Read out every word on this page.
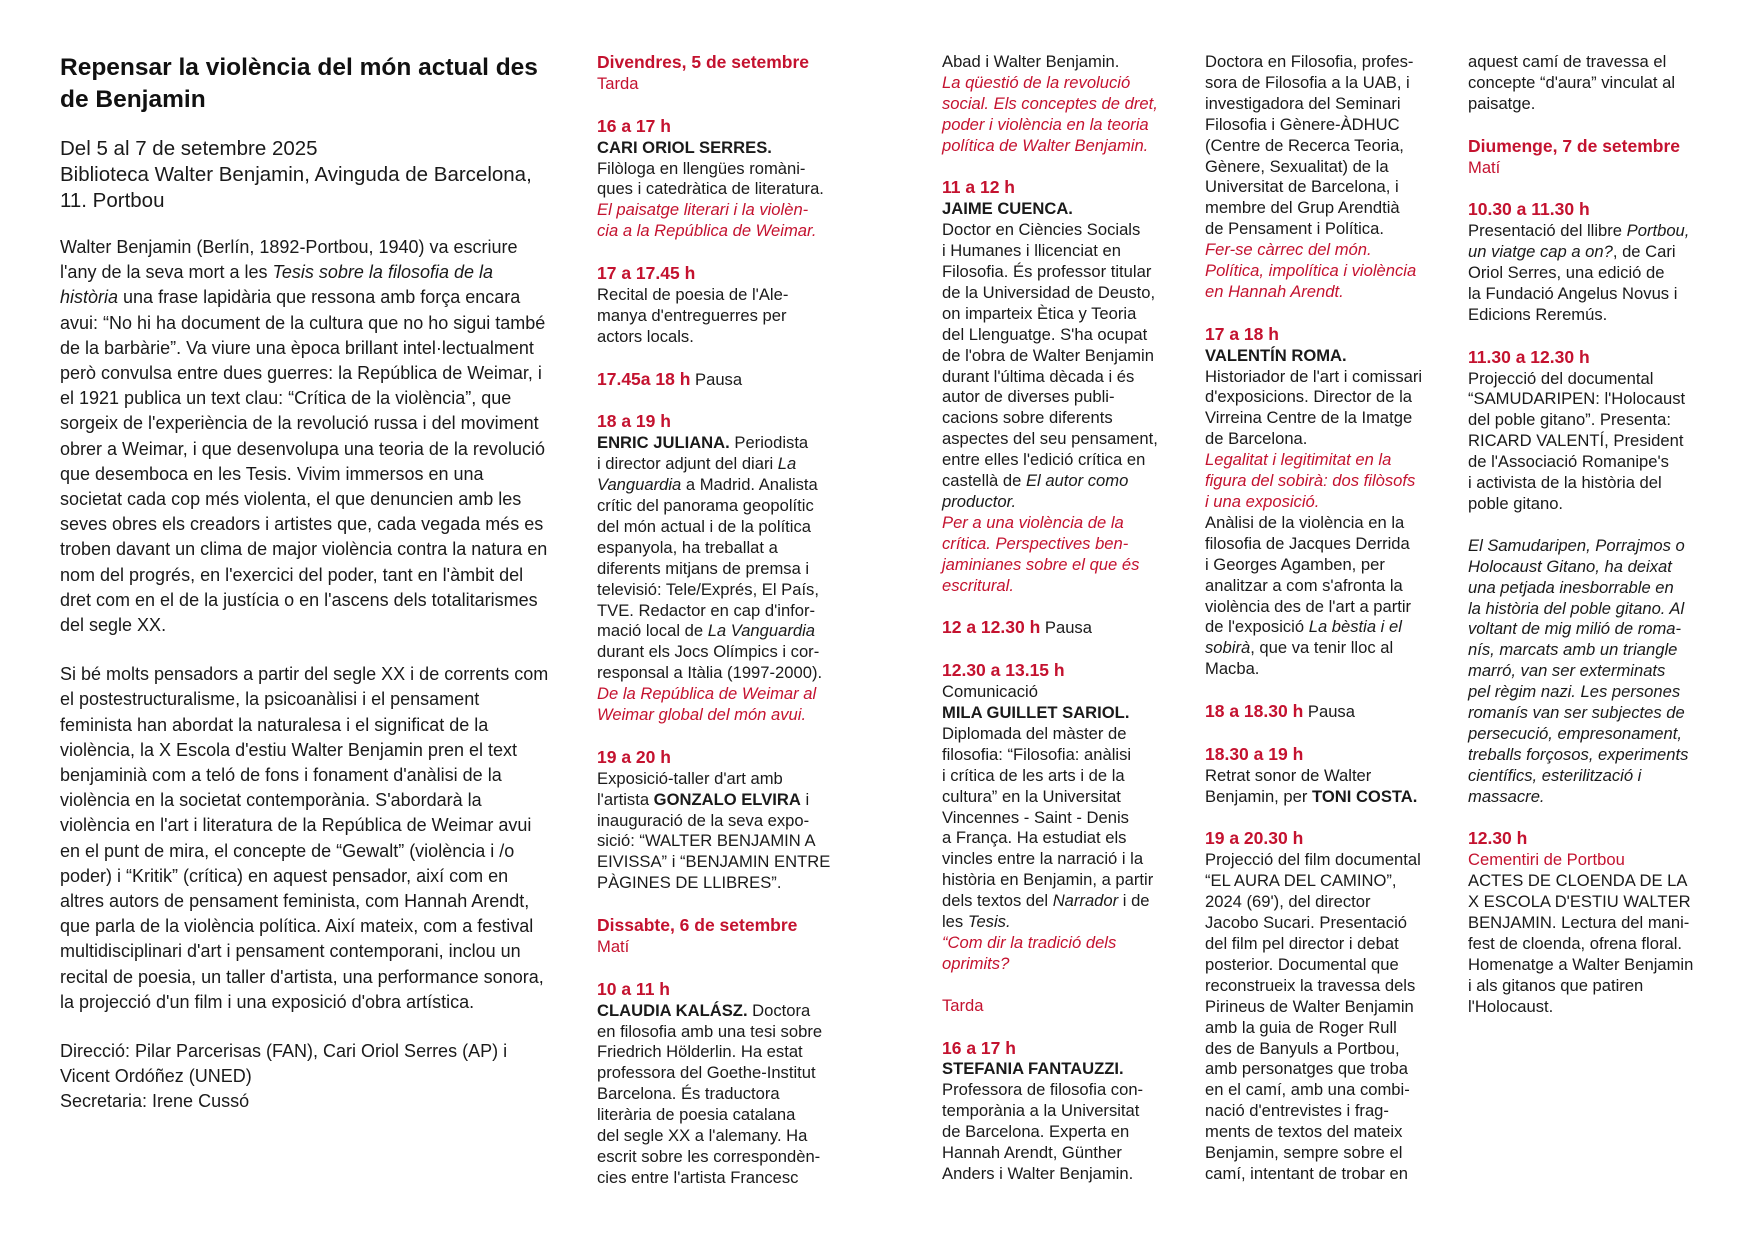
Repensar la violència del món actual des de Benjamin
Del 5 al 7 de setembre 2025
Biblioteca Walter Benjamin, Avinguda de Barcelona, 11. Portbou

Walter Benjamin (Berlín, 1892-Portbou, 1940) va escriure l'any de la seva mort a les Tesis sobre la filosofia de la història una frase lapidària que ressona amb força encara avui: “No hi ha document de la cultura que no ho sigui també de la barbàrie”. Va viure una època brillant intel·lectualment però convulsa entre dues guerres: la República de Weimar, i el 1921 publica un text clau: “Crítica de la violència”, que sorgeix de l'experiència de la revolució russa i del moviment obrer a Weimar, i que desenvolupa una teoria de la revolució que desemboca en les Tesis. Vivim immersos en una societat cada cop més violenta, el que denuncien amb les seves obres els creadors i artistes que, cada vegada més es troben davant un clima de major violència contra la natura en nom del progrés, en l'exercici del poder, tant en l'àmbit del dret com en el de la justícia o en l'ascens dels totalitarismes del segle XX.

Si bé molts pensadors a partir del segle XX i de corrents com el postestructuralisme, la psicoanàlisi i el pensament feminista han abordat la naturalesa i el significat de la violència, la X Escola d'estiu Walter Benjamin pren el text benjaminià com a teló de fons i fonament d'anàlisi de la violència en la societat contemporània. S'abordarà la violència en l'art i literatura de la República de Weimar avui en el punt de mira, el concepte de “Gewalt” (violència i /o poder) i “Kritik” (crítica) en aquest pensador, així com en altres autors de pensament feminista, com Hannah Arendt, que parla de la violència política. Així mateix, com a festival multidisciplinari d'art i pensament contemporani, inclou un recital de poesia, un taller d'artista, una performance sonora, la projecció d'un film i una exposició d'obra artística.

Direcció: Pilar Parcerisas (FAN), Cari Oriol Serres (AP) i Vicent Ordóñez (UNED)
Secretaria: Irene Cussó
Divendres, 5 de setembre
Tarda
16 a 17 h
CARI ORIOL SERRES.
Filòloga en llengües romàni-
ques i catedràtica de literatura.
El paisatge literari i la violèn-
cia a la República de Weimar.
17 a 17.45 h
Recital de poesia de l'Ale-
manya d'entreguerres per
actors locals.
17.45a 18 h Pausa
18 a 19 h
ENRIC JULIANA. Periodista
i director adjunt del diari La
Vanguardia a Madrid. Analista
crític del panorama geopolític
del món actual i de la política
espanyola, ha treballat a
diferents mitjans de premsa i
televisió: Tele/Exprés, El País,
TVE. Redactor en cap d'infor-
mació local de La Vanguardia
durant els Jocs Olímpics i cor-
responsal a Itàlia (1997-2000).
De la República de Weimar al
Weimar global del món avui.
19 a 20 h
Exposició-taller d'art amb
l'artista GONZALO ELVIRA i
inauguració de la seva expo-
sició: “WALTER BENJAMIN A
EIVISSA” i “BENJAMIN ENTRE
PÀGINES DE LLIBRES”.
Dissabte, 6 de setembre
Matí
10 a 11 h
CLAUDIA KALÁSZ. Doctora
en filosofia amb una tesi sobre
Friedrich Hölderlin. Ha estat
professora del Goethe-Institut
Barcelona. És traductora
literària de poesia catalana
del segle XX a l'alemany. Ha
escrit sobre les correspondèn-
cies entre l'artista Francesc
Abad i Walter Benjamin.
La qüestió de la revolució
social. Els conceptes de dret,
poder i violència en la teoria
política de Walter Benjamin.
11 a 12 h
JAIME CUENCA.
Doctor en Ciències Socials
i Humanes i llicenciat en
Filosofia. És professor titular
de la Universidad de Deusto,
on imparteix Ètica y Teoria
del Llenguatge. S'ha ocupat
de l'obra de Walter Benjamin
durant l'última dècada i és
autor de diverses publi-
cacions sobre diferents
aspectes del seu pensament,
entre elles l'edició crítica en
castellà de El autor como
productor.
Per a una violència de la
crítica. Perspectives ben-
jaminianes sobre el que és
escritural.
12 a 12.30 h Pausa
12.30 a 13.15 h
Comunicació
MILA GUILLET SARIOL.
Diplomada del màster de
filosofia: “Filosofia: anàlisi
i crítica de les arts i de la
cultura” en la Universitat
Vincennes - Saint - Denis
a França. Ha estudiat els
vincles entre la narració i la
història en Benjamin, a partir
dels textos del Narrador i de
les Tesis.
“Com dir la tradició dels
oprimits?
Tarda
16 a 17 h
STEFANIA FANTAUZZI.
Professora de filosofia con-
temporània a la Universitat
de Barcelona. Experta en
Hannah Arendt, Günther
Anders i Walter Benjamin.
Doctora en Filosofia, profes-
sora de Filosofia a la UAB, i
investigadora del Seminari
Filosofia i Gènere-ÀDHUC
(Centre de Recerca Teoria,
Gènere, Sexualitat) de la
Universitat de Barcelona, i
membre del Grup Arendtià
de Pensament i Política.
Fer-se càrrec del món.
Política, impolítica i violència
en Hannah Arendt.
17 a 18 h
VALENTÍN ROMA.
Historiador de l'art i comissari
d'exposicions. Director de la
Virreina Centre de la Imatge
de Barcelona.
Legalitat i legitimitat en la
figura del sobirà: dos filòsofs
i una exposició.
Anàlisi de la violència en la
filosofia de Jacques Derrida
i Georges Agamben, per
analitzar a com s'afronta la
violència des de l'art a partir
de l'exposició La bèstia i el
sobirà, que va tenir lloc al
Macba.
18 a 18.30 h Pausa
18.30 a 19 h
Retrat sonor de Walter
Benjamin, per TONI COSTA.
19 a 20.30 h
Projecció del film documental
“EL AURA DEL CAMINO”,
2024 (69'), del director
Jacobo Sucari. Presentació
del film pel director i debat
posterior. Documental que
reconstrueix la travessa dels
Pirineus de Walter Benjamin
amb la guia de Roger Rull
des de Banyuls a Portbou,
amb personatges que troba
en el camí, amb una combi-
nació d'entrevistes i frag-
ments de textos del mateix
Benjamin, sempre sobre el
camí, intentant de trobar en
aquest camí de travessa el
concepte “d'aura” vinculat al
paisatge.
Diumenge, 7 de setembre
Matí
10.30 a 11.30 h
Presentació del llibre Portbou,
un viatge cap a on?, de Cari
Oriol Serres, una edició de
la Fundació Angelus Novus i
Edicions Reremús.
11.30 a 12.30 h
Projecció del documental
“SAMUDARIPEN: l'Holocaust
del poble gitano”. Presenta:
RICARD VALENTÍ, President
de l'Associació Romanipe's
i activista de la història del
poble gitano.
El Samudaripen, Porrajmos o
Holocaust Gitano, ha deixat
una petjada inesborrable en
la història del poble gitano. Al
voltant de mig milió de roma-
nís, marcats amb un triangle
marró, van ser exterminats
pel règim nazi. Les persones
romanís van ser subjectes de
persecució, empresonament,
treballs forçosos, experiments
científics, esterilització i
massacre.
12.30 h
Cementiri de Portbou
ACTES DE CLOENDA DE LA
X ESCOLA D'ESTIU WALTER
BENJAMIN. Lectura del mani-
fest de cloenda, ofrena floral.
Homenatge a Walter Benjamin
i als gitanos que patiren
l'Holocaust.
